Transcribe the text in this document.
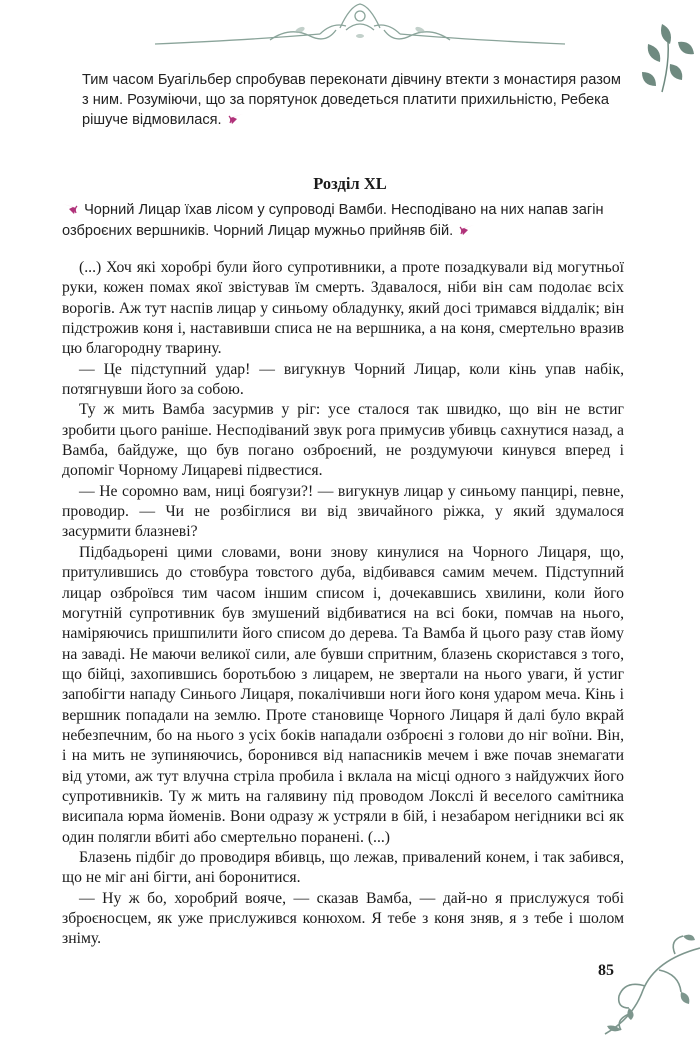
Тим часом Буагільбер спробував переконати дівчину втекти з монастиря разом з ним. Розуміючи, що за порятунок доведеться платити прихильністю, Ребека рішуче відмовилася.

Розділ XL

Чорний Лицар їхав лісом у супроводі Вамби. Несподівано на них напав загін озброєних вершників. Чорний Лицар мужньо прийняв бій.

(...) Хоч які хоробрі були його супротивники, а проте позадкували від могутньої руки, кожен помах якої звістував їм смерть. Здавалося, ніби він сам подолає всіх ворогів. Аж тут наспів лицар у синьому обладунку, який досі тримався віддалік; він підстрожив коня і, наставивши списа не на вершника, а на коня, смертельно вразив цю благородну тварину.

— Це підступний удар! — вигукнув Чорний Лицар, коли кінь упав набік, потягнувши його за собою.

Ту ж мить Вамба засурмив у ріг: усе сталося так швидко, що він не встиг зробити цього раніше. Несподіваний звук рога примусив убивць сахнутися назад, а Вамба, байдуже, що був погано озброєний, не роздумуючи кинувся вперед і допоміг Чорному Лицареві підвестися.

— Не соромно вам, ниці боягузи?! — вигукнув лицар у синьому панцирі, певне, проводир. — Чи не розбіглися ви від звичайного ріжка, у який здумалося засурмити блазневі?

Підбадьорені цими словами, вони знову кинулися на Чорного Лицаря, що, притулившись до стовбура товстого дуба, відбивався самим мечем. Підступний лицар озброївся тим часом іншим списом і, дочекавшись хвилини, коли його могутній супротивник був змушений відбиватися на всі боки, помчав на нього, наміряючись пришпилити його списом до дерева. Та Вамба й цього разу став йому на заваді. Не маючи великої сили, але бувши спритним, блазень скористався з того, що бійці, захопившись боротьбою з лицарем, не звертали на нього уваги, й устиг запобігти нападу Синього Лицаря, покалічивши ноги його коня ударом меча. Кінь і вершник попадали на землю. Проте становище Чорного Лицаря й далі було вкрай небезпечним, бо на нього з усіх боків нападали озброєні з голови до ніг воїни. Він, і на мить не зупиняючись, боронився від напасників мечем і вже почав знемагати від утоми, аж тут влучна стріла пробила і вклала на місці одного з найдужчих його супротивників. Ту ж мить на галявину під проводом Локслі й веселого самітника висипала юрма йоменів. Вони одразу ж устряли в бій, і незабаром негідники всі як один полягли вбиті або смертельно поранені. (...)

Блазень підбіг до проводиря вбивць, що лежав, привалений конем, і так забився, що не міг ані бігти, ані боронитися.

— Ну ж бо, хоробрий вояче, — сказав Вамба, — дай-но я прислужуся тобі зброєносцем, як уже прислужився конюхом. Я тебе з коня зняв, я з тебе і шолом зніму.

85
